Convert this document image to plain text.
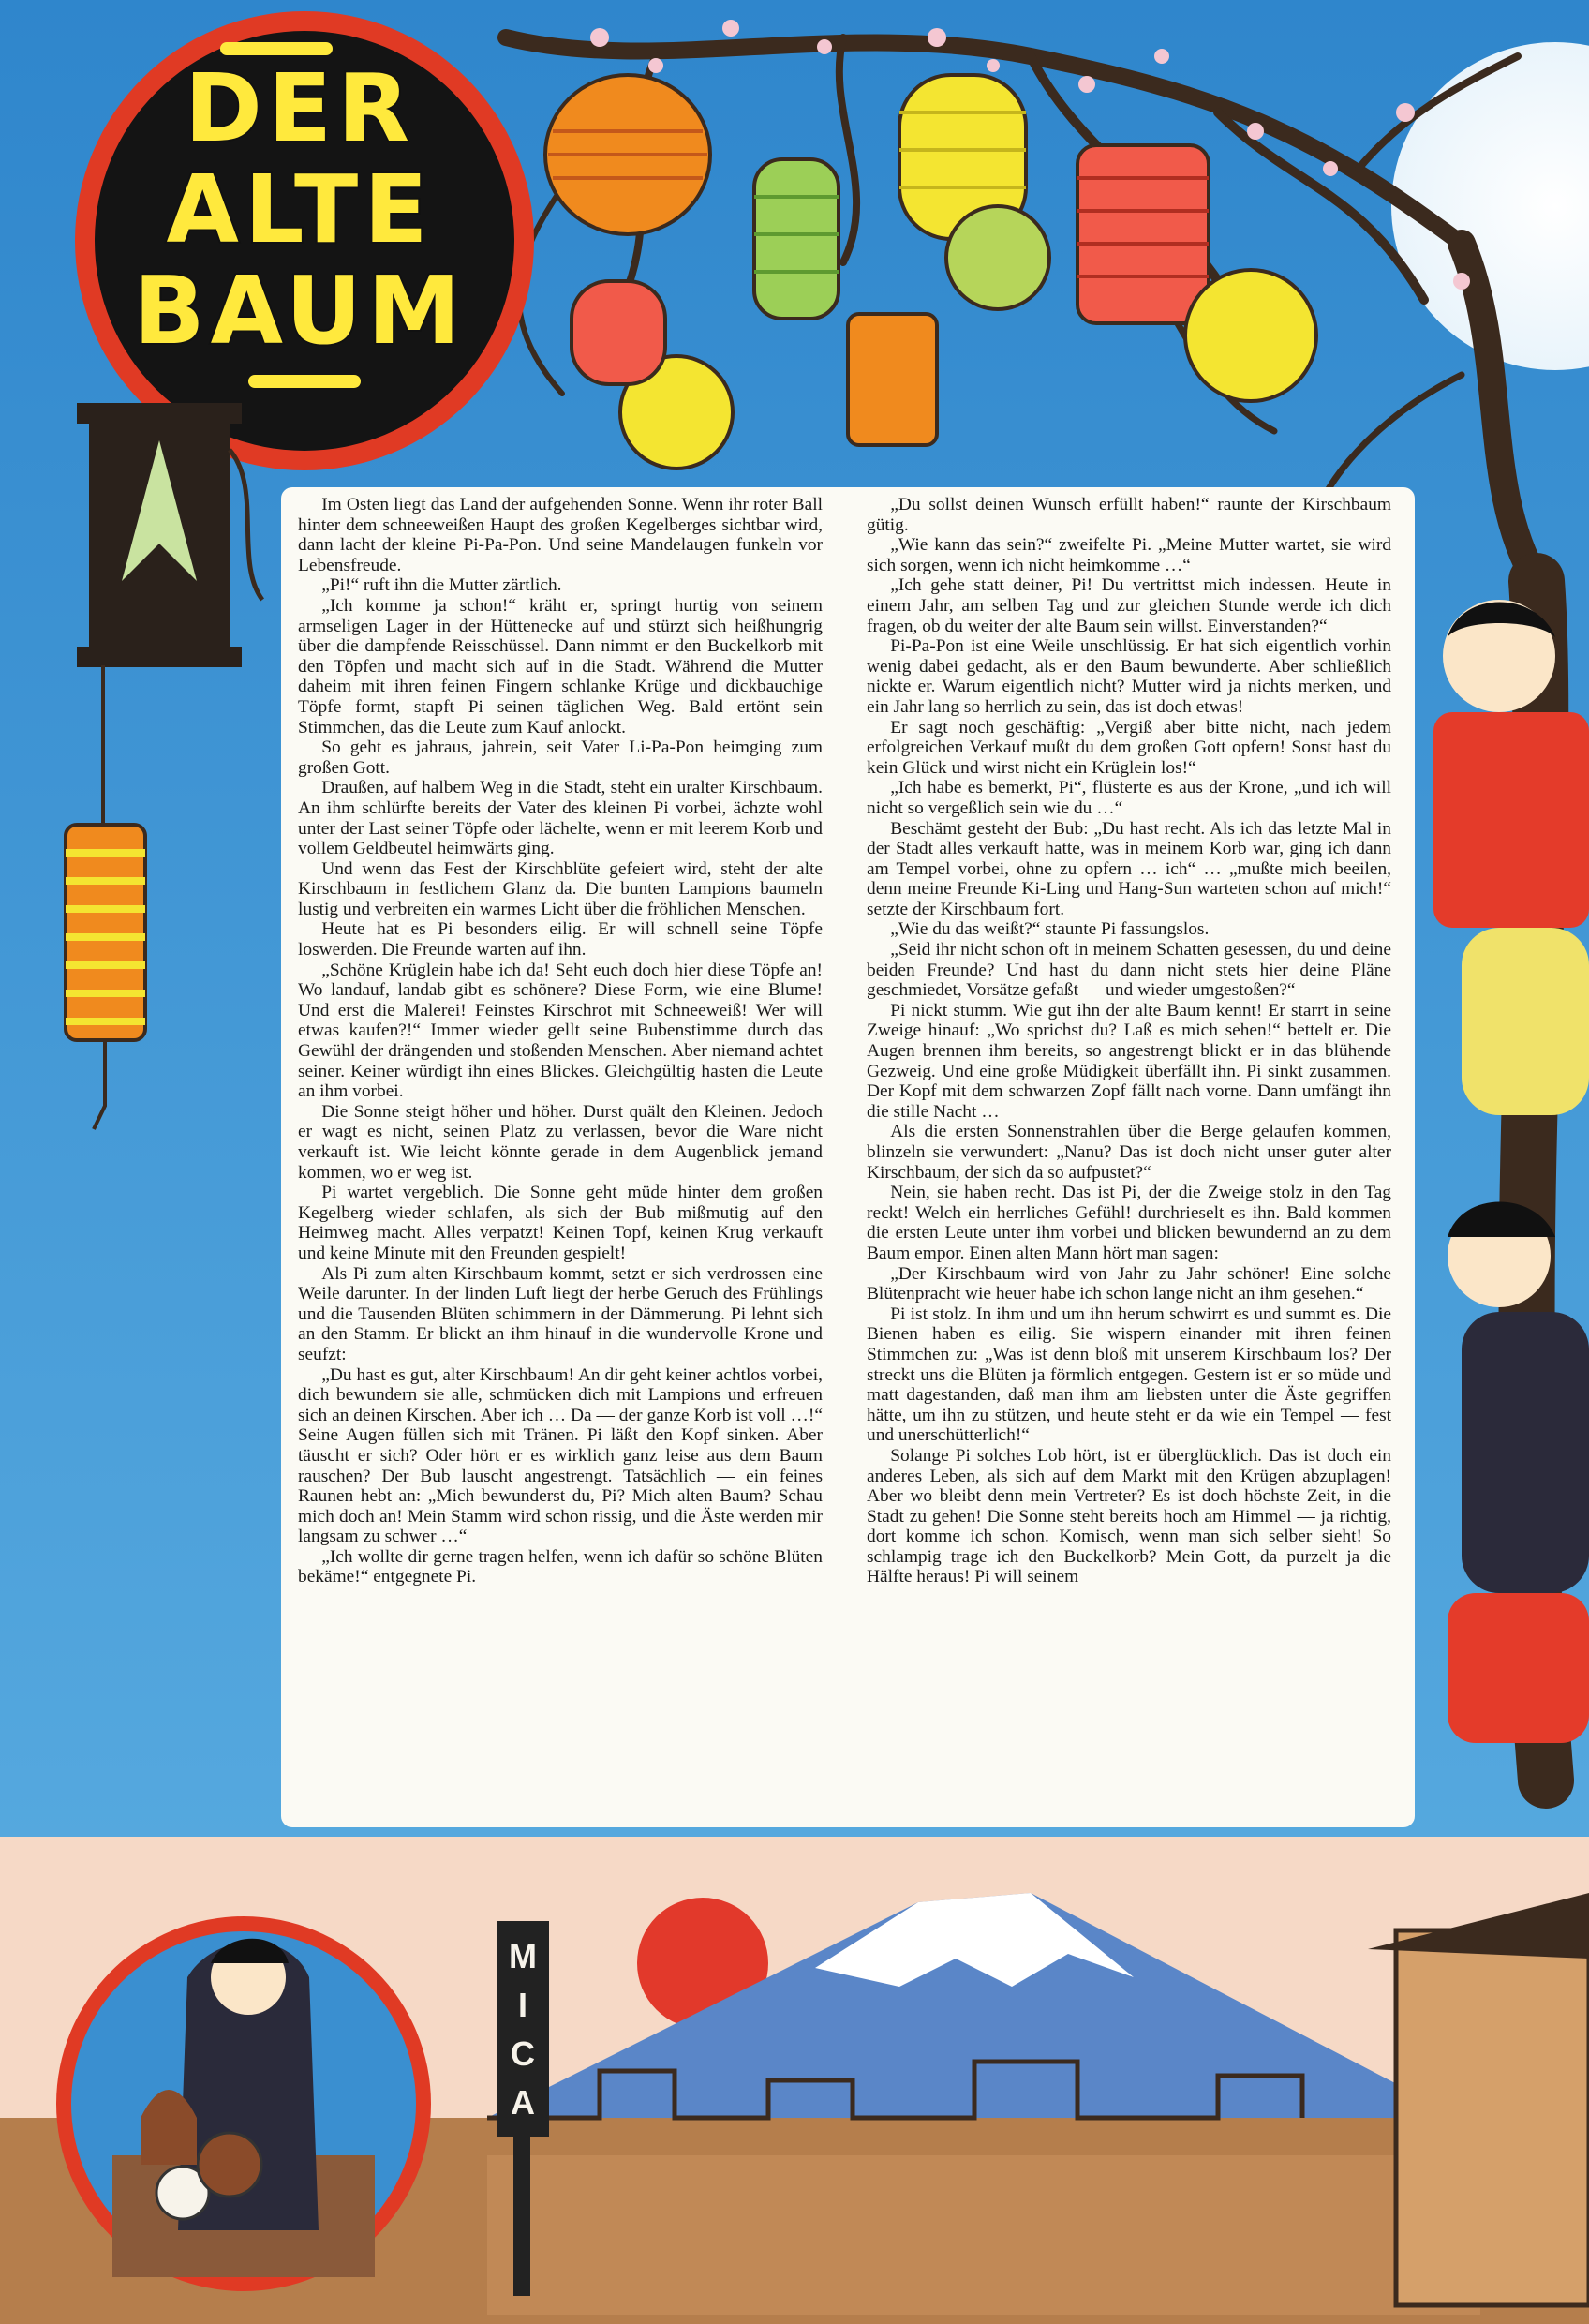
DER
ALTE
BAUM
M I C A

Im Osten liegt das Land der aufgehenden Sonne. Wenn ihr roter Ball hinter dem schneeweißen Haupt des großen Kegelberges sichtbar wird, dann lacht der kleine Pi-Pa-Pon. Und seine Mandelaugen funkeln vor Lebensfreude.

„Pi!“ ruft ihn die Mutter zärtlich.

„Ich komme ja schon!“ kräht er, springt hurtig von seinem armseligen Lager in der Hüttenecke auf und stürzt sich heißhungrig über die dampfende Reisschüssel. Dann nimmt er den Buckelkorb mit den Töpfen und macht sich auf in die Stadt. Während die Mutter daheim mit ihren feinen Fingern schlanke Krüge und dickbauchige Töpfe formt, stapft Pi seinen täglichen Weg. Bald ertönt sein Stimmchen, das die Leute zum Kauf anlockt.

So geht es jahraus, jahrein, seit Vater Li-Pa-Pon heimging zum großen Gott.

Draußen, auf halbem Weg in die Stadt, steht ein uralter Kirschbaum. An ihm schlürfte bereits der Vater des kleinen Pi vorbei, ächzte wohl unter der Last seiner Töpfe oder lächelte, wenn er mit leerem Korb und vollem Geldbeutel heimwärts ging.

Und wenn das Fest der Kirschblüte gefeiert wird, steht der alte Kirschbaum in festlichem Glanz da. Die bunten Lampions baumeln lustig und verbreiten ein warmes Licht über die fröhlichen Menschen.

Heute hat es Pi besonders eilig. Er will schnell seine Töpfe loswerden. Die Freunde warten auf ihn.

„Schöne Krüglein habe ich da! Seht euch doch hier diese Töpfe an! Wo landauf, landab gibt es schönere? Diese Form, wie eine Blume! Und erst die Malerei! Feinstes Kirschrot mit Schneeweiß! Wer will etwas kaufen?!“ Immer wieder gellt seine Bubenstimme durch das Gewühl der drängenden und stoßenden Menschen. Aber niemand achtet seiner. Keiner würdigt ihn eines Blickes. Gleichgültig hasten die Leute an ihm vorbei.

Die Sonne steigt höher und höher. Durst quält den Kleinen. Jedoch er wagt es nicht, seinen Platz zu verlassen, bevor die Ware nicht verkauft ist. Wie leicht könnte gerade in dem Augenblick jemand kommen, wo er weg ist.

Pi wartet vergeblich. Die Sonne geht müde hinter dem großen Kegelberg wieder schlafen, als sich der Bub mißmutig auf den Heimweg macht. Alles verpatzt! Keinen Topf, keinen Krug verkauft und keine Minute mit den Freunden gespielt!

Als Pi zum alten Kirschbaum kommt, setzt er sich verdrossen eine Weile darunter. In der linden Luft liegt der herbe Geruch des Frühlings und die Tausenden Blüten schimmern in der Dämmerung. Pi lehnt sich an den Stamm. Er blickt an ihm hinauf in die wundervolle Krone und seufzt:

„Du hast es gut, alter Kirschbaum! An dir geht keiner achtlos vorbei, dich bewundern sie alle, schmücken dich mit Lampions und erfreuen sich an deinen Kirschen. Aber ich … Da — der ganze Korb ist voll …!“ Seine Augen füllen sich mit Tränen. Pi läßt den Kopf sinken. Aber täuscht er sich? Oder hört er es wirklich ganz leise aus dem Baum rauschen? Der Bub lauscht angestrengt. Tatsächlich — ein feines Raunen hebt an: „Mich bewunderst du, Pi? Mich alten Baum? Schau mich doch an! Mein Stamm wird schon rissig, und die Äste werden mir langsam zu schwer …“

„Ich wollte dir gerne tragen helfen, wenn ich dafür so schöne Blüten bekäme!“ entgegnete Pi.

„Du sollst deinen Wunsch erfüllt haben!“ raunte der Kirschbaum gütig.

„Wie kann das sein?“ zweifelte Pi. „Meine Mutter wartet, sie wird sich sorgen, wenn ich nicht heimkomme …“

„Ich gehe statt deiner, Pi! Du vertrittst mich indessen. Heute in einem Jahr, am selben Tag und zur gleichen Stunde werde ich dich fragen, ob du weiter der alte Baum sein willst. Einverstanden?“

Pi-Pa-Pon ist eine Weile unschlüssig. Er hat sich eigentlich vorhin wenig dabei gedacht, als er den Baum bewunderte. Aber schließlich nickte er. Warum eigentlich nicht? Mutter wird ja nichts merken, und ein Jahr lang so herrlich zu sein, das ist doch etwas!

Er sagt noch geschäftig: „Vergiß aber bitte nicht, nach jedem erfolgreichen Verkauf mußt du dem großen Gott opfern! Sonst hast du kein Glück und wirst nicht ein Krüglein los!“

„Ich habe es bemerkt, Pi“, flüsterte es aus der Krone, „und ich will nicht so vergeßlich sein wie du …“

Beschämt gesteht der Bub: „Du hast recht. Als ich das letzte Mal in der Stadt alles verkauft hatte, was in meinem Korb war, ging ich dann am Tempel vorbei, ohne zu opfern … ich“ … „mußte mich beeilen, denn meine Freunde Ki-Ling und Hang-Sun warteten schon auf mich!“ setzte der Kirschbaum fort.

„Wie du das weißt?“ staunte Pi fassungslos.

„Seid ihr nicht schon oft in meinem Schatten gesessen, du und deine beiden Freunde? Und hast du dann nicht stets hier deine Pläne geschmiedet, Vorsätze gefaßt — und wieder umgestoßen?“

Pi nickt stumm. Wie gut ihn der alte Baum kennt! Er starrt in seine Zweige hinauf: „Wo sprichst du? Laß es mich sehen!“ bettelt er. Die Augen brennen ihm bereits, so angestrengt blickt er in das blühende Gezweig. Und eine große Müdigkeit überfällt ihn. Pi sinkt zusammen. Der Kopf mit dem schwarzen Zopf fällt nach vorne. Dann umfängt ihn die stille Nacht …

Als die ersten Sonnenstrahlen über die Berge gelaufen kommen, blinzeln sie verwundert: „Nanu? Das ist doch nicht unser guter alter Kirschbaum, der sich da so aufpustet?“

Nein, sie haben recht. Das ist Pi, der die Zweige stolz in den Tag reckt! Welch ein herrliches Gefühl! durchrieselt es ihn. Bald kommen die ersten Leute unter ihm vorbei und blicken bewundernd an zu dem Baum empor. Einen alten Mann hört man sagen:

„Der Kirschbaum wird von Jahr zu Jahr schöner! Eine solche Blütenpracht wie heuer habe ich schon lange nicht an ihm gesehen.“

Pi ist stolz. In ihm und um ihn herum schwirrt es und summt es. Die Bienen haben es eilig. Sie wispern einander mit ihren feinen Stimmchen zu: „Was ist denn bloß mit unserem Kirschbaum los? Der streckt uns die Blüten ja förmlich entgegen. Gestern ist er so müde und matt dagestanden, daß man ihm am liebsten unter die Äste gegriffen hätte, um ihn zu stützen, und heute steht er da wie ein Tempel — fest und unerschütterlich!“

Solange Pi solches Lob hört, ist er überglücklich. Das ist doch ein anderes Leben, als sich auf dem Markt mit den Krügen abzuplagen! Aber wo bleibt denn mein Vertreter? Es ist doch höchste Zeit, in die Stadt zu gehen! Die Sonne steht bereits hoch am Himmel — ja richtig, dort komme ich schon. Komisch, wenn man sich selber sieht! So schlampig trage ich den Buckelkorb? Mein Gott, da purzelt ja die Hälfte heraus! Pi will seinem
